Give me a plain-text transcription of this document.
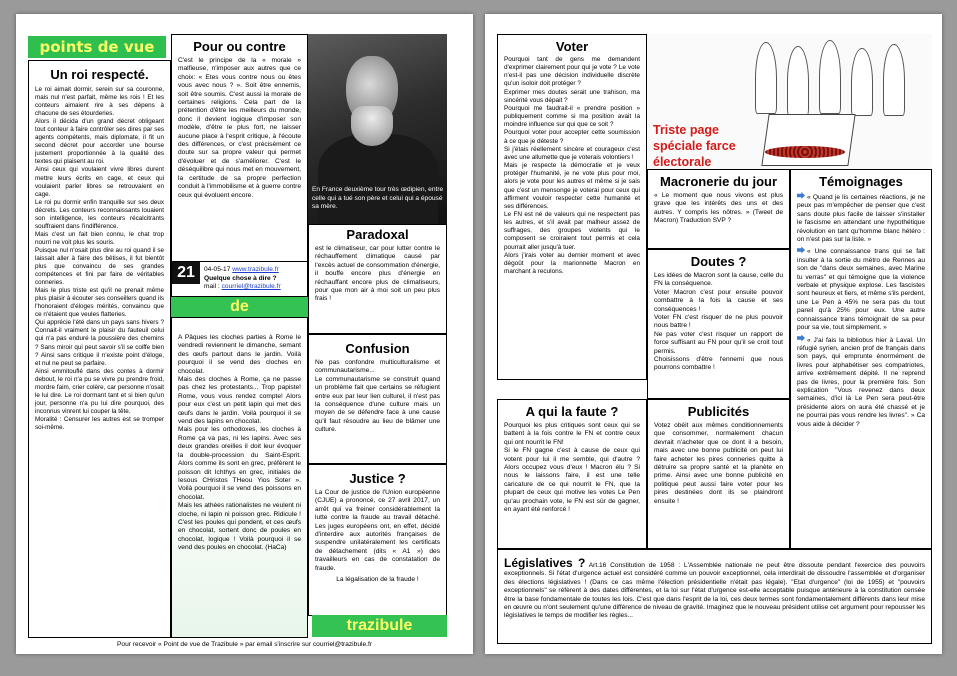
points de vue
Un roi respecté.
Le roi aimait dormir, serein sur sa couronne, mais nul n'est parfait, même les rois ! Et les conteurs aimaient rire à ses dépens à chacune de ses étourderies.
Alors il décida d'un grand décret obligeant tout conteur à faire contrôler ses dires par ses agents compétents, mais diplomate, il fit un second décret pour accorder une bourse justement proportionnée à la qualité des textes qui plaisent au roi.
Ainsi ceux qui voulaient vivre libres durent mettre leurs écrits en cage, et ceux qui voulaient parler libres se retrouvaient en cage.
Le roi pu dormir enfin tranquille sur ses deux décrets. Les conteurs reconnaissants louaient son intelligence, les conteurs récalcitrants souffraient dans l'indifférence.
Mais c'est un fait bien connu, le chat trop nourri ne voit plus les souris.
Puisque nul n'osait plus dire au roi quand il se laissait aller à faire des bêtises, il fut bientôt plus que convaincu de ses grandes compétences et fini par faire de véritables conneries.
Mais le plus triste est qu'il ne prenait même plus plaisir à écouter ses conseillers quand ils l'honoraient d'éloges mérités, convaincu que ce n'étaient que veules flatteries.
Qui apprécie l'été dans un pays sans hivers ? Connait-il vraiment le plaisir du fauteuil celui qui n'a pas enduré la poussière des chemins ? Sans miroir qui peut savoir s'il se coiffe bien ? Ainsi sans critique il n'existe point d'éloge, et nul ne peut se parfaire.
Ainsi emmitouflé dans des contes à dormir debout, le roi n'a pu se vivre pu prendre froid, mordre faim, crier colère, car personne n'osait le lui dire. Le roi dormant tant et si bien qu'un jour, personne n'a pu lui dire pourquoi, des inconnus vinrent lui couper la tête.
Moralité : Censurer les autres est se tromper soi-même.
Pour ou contre
C'est le principe de la « morale » malfieuse, n'imposer aux autres que ce choix: « Etes vous contre nous ou êtes vous avec nous ? ». Soit être ennemis, soit être soumis. C'est aussi la morale de certaines religions. Cela part de la prétention d'être les meilleurs du monde, donc il devient logique d'imposer son modèle, d'être le plus fort, ne laisser aucune place à l'esprit critique, à l'écoute des différences, or c'est précisément ce doute sur sa propre valeur qui permet d'évoluer et de s'améliorer. C'est le déséquilibre qui nous met en mouvement, la certitude de sa propre perfection conduit à l'immobilisme et à guerre contre ceux qui évoluent encore.
En France deuxième tour très œdipien, entre celle qui a tué son père et celui qui a épousé sa mère.
21	04-05-17 www.trazibule.fr
Quelque chose à dire ?
mail : courriel@trazibule.fr
de
A Pâques les cloches parties à Rome le vendredi reviennent le dimanche, semant des œufs partout dans le jardin. Voilà pourquoi il se vend des cloches en chocolat.
Mais des cloches à Rome, ça ne passe pas chez les protestants... Trop papiste! Rome, vous vous rendez compte! Alors pour eux c'est un petit lapin qui met des œufs dans le jardin. Voilà pourquoi il se vend des lapins en chocolat.
Mais pour les orthodoxes, les cloches à Rome ça va pas, ni les lapins. Avec ses deux grandes oreilles il doit leur évoquer la double-procession du Saint-Esprit. Alors comme ils sont en grec, préfèrent le poisson dit Ichthys en grec, initiales de Iesous CHristos THeou Yios Soter ». Voilà pourquoi il se vend des poissons en chocolat.
Mais les athées rationalistes ne veulent ni cloche, ni lapin ni poisson grec. Ridicule ! C'est les poules qui pondent, et ces œufs en chocolat, sortent donc de poules en chocolat, logique ! Voilà pourquoi il se vend des poules en chocolat. (HaCa)
Paradoxal
est le climatiseur, car pour lutter contre le réchauffement climatique causé par l'excès actuel de consommation d'énergie, il bouffe encore plus d'énergie en réchauffant encore plus de climatiseurs, pour que mon air à moi soit un peu plus frais !
Confusion
Ne pas confondre multiculturalisme et communautarisme...
Le communautarisme se construit quand un problème fait que certains se réfugient entre eux par leur lien culturel, il n'est pas la conséquence d'une culture mais un moyen de se défendre face à une cause qu'il faut résoudre au lieu de blâmer une culture.
Justice ?
La Cour de justice de l'Union européenne (CJUE) a prononcé, ce 27 avril 2017, un arrêt qui va freiner considérablement la lutte contre la fraude au travail détaché. Les juges européens ont, en effet, décidé d'interdire aux autorités françaises de suspendre unilatéralement les certificats de détachement (dits « A1 ») des travailleurs en cas de constatation de fraude.
La légalisation de la fraude !
trazibule
Pour recevoir « Point de vue de Trazibule » par email s'inscrire sur courriel@trazibule.fr
Voter
Pourquoi tant de gens me demandent d'exprimer clairement pour qui je vote ? Le vote n'est-il pas une décision individuelle discrète qu'un isoloir doit protéger ?
Exprimer mes doutes serait une trahison, ma sincérité vous dépait ?
Pourquoi me faudrait-il « prendre position » publiquement comme si ma position avait la moindre influence sur qui que ce soit ?
Pourquoi voter pour accepter cette soumission à ce que je déteste ?
Si j'étais réellement sincère et courageux c'est avec une allumette que je voterais volontiers !
Mais je respecte la démocratie et je veux protéger l'humanité, je ne vote plus pour moi, alors je vote pour les autres et même si je sais que c'est un mensonge je voterai pour ceux qui affirment vouloir respecter cette humanité et ses différences.
Le FN est né de valeurs qui ne respectent pas les autres, et s'il avait par malheur assez de suffrages, des groupes violents qui le composent se croiraient tout permis et cela pourrait aller jusqu'à tuer.
Alors j'irais voter au dernier moment et avec dégoût pour la marionnette Macron en marchant à reculons.
Triste page spéciale farce électorale
Macronerie du jour
« Le moment que nous vivons est plus grave que les intérêts des uns et des autres. Y compris les nôtres. » (Tweet de Macron) Traduction SVP ?
Doutes ?
Les idées de Macron sont la cause, celle du FN la conséquence.
Voter Macron c'est pour ensuite pouvoir combattre à la fois la cause et ses conséquences !
Voter FN c'est risquer de ne plus pouvoir nous battre !
Ne pas voter c'est risquer un rapport de force suffisant au FN pour qu'il se croit tout permis.
Choisissons d'être l'ennemi que nous pourrons combattre !
Témoignages
« Quand je lis certaines réactions, je ne peux pas m'empêcher de penser que c'est sans doute plus facile de laisser s'installer le fascisme en attendant une hypothétique révolution en tant qu'homme blanc hétéro : on n'est pas sur la liste. »
« Une connaissance trans qui se fait insulter à la sortie du métro de Rennes au son de "dans deux semaines, avec Marine tu verras" et qui témoigne que la violence verbale et physique explose. Les fascistes sont heureux et fiers, et même s'ils perdent, une Le Pen à 45% ne sera pas du tout pareil qu'à 25% pour eux. Une autre connaissance trans témoignait de sa peur pour sa vie, tout simplement. »
« J'ai fais la bibliobus hier à Laval. Un réfugié syrien, ancien prof de français dans son pays, qui emprunte énormément de livres pour alphabétiser ses compatriotes, arrive extrêmement dépité. Il ne reprend pas de livres, pour la première fois. Son explication "Vous revenez dans deux semaines, d'ici là Le Pen sera peut-être présidente alors on aura été chassé et je ne pourrai pas vous rendre les livres". » Ca vous aide à décider ?
A qui la faute ?
Pourquoi les plus critiques sont ceux qui se battent à la fois contre le FN et contre ceux qui ont nourrit le FN!
Si le FN gagne c'est à cause de ceux qui votent pour lui il me semble, qui d'autre ? Alors occupez vous d'eux ! Macron élu ? Si nous le laissons faire, il est une telle caricature de ce qui nourrit le FN, que la plupart de ceux qui motive les votes Le Pen qu'au prochain vote, le FN est sûr de gagner, en ayant été renforcé !
Publicités
Votez obéit aux mêmes conditionnements que consommer, normalement chacun devrait n'acheter que ce dont il a besoin, mais avec une bonne publicité on peut lui faire acheter les pires conneries quitte à détruire sa propre santé et la planète en prime. Ainsi avec une bonne publicité en politique peut aussi faire voter pour les pires destinées dont ils se plaindront ensuite !
Législatives ? Art.16 Constitution de 1958 : L'Assemblée nationale ne peut être dissoute pendant l'exercice des pouvoirs exceptionnels. Si l'état d'urgence actuel est considéré comme un pouvoir exceptionnel, cela interdirait de dissoudre l'assemblée et d'organiser des élections législatives ! (Dans ce cas même l'élection présidentielle n'était pas légale). "Etat d'urgence" (loi de 1955) et "pouvoirs exceptionnels" se réfèrent à des dates différentes, et la loi sur l'état d'urgence est-elle acceptable puisque antérieure à la constitution censée être la base fondamentale de toutes les lois. C'est que dans l'esprit de la loi, ces deux termes sont fondamentalement différents dans leur mise en œuvre ou n'ont seulement qu'une différence de niveau de gravité. Imaginez que le nouveau président utilise cet argument pour repousser les législatives le temps de modifier les règles...
